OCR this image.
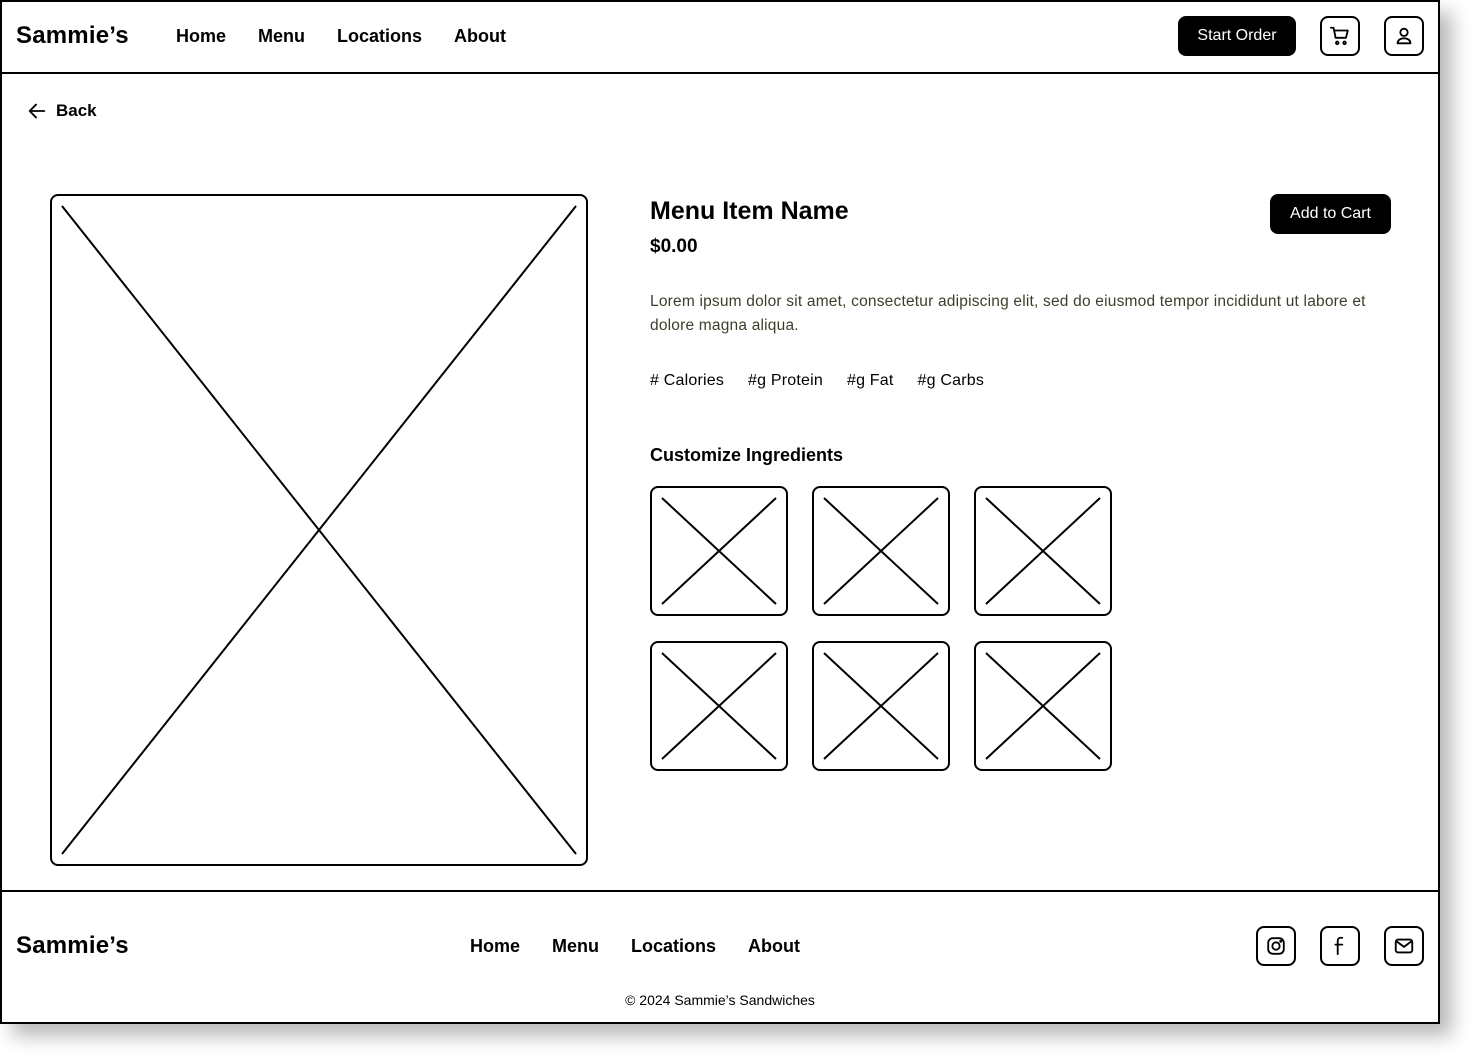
Sammie’s	Home Menu Locations About	Start Order
Back
Menu Item Name
$0.00
Add to Cart

Lorem ipsum dolor sit amet, consectetur adipiscing elit, sed do eiusmod tempor incididunt ut labore et dolore magna aliqua.

# Calories #g Protein #g Fat #g Carbs
Customize Ingredients
Sammie’s	Home Menu Locations About
© 2024 Sammie’s Sandwiches
